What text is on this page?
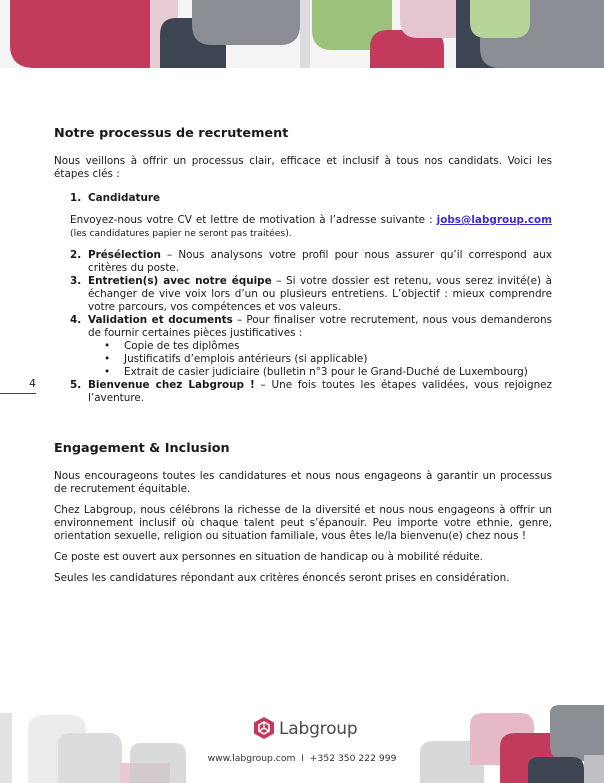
4
Notre processus de recrutement

Nous veillons à offrir un processus clair, efficace et inclusif à tous nos candidats. Voici les étapes clés :

1. Candidature

Envoyez-nous votre CV et lettre de motivation à l’adresse suivante : jobs@labgroup.com (les candidatures papier ne seront pas traitées).

2. Présélection – Nous analysons votre profil pour nous assurer qu’il correspond aux critères du poste.
3. Entretien(s) avec notre équipe – Si votre dossier est retenu, vous serez invité(e) à échanger de vive voix lors d’un ou plusieurs entretiens. L’objectif : mieux comprendre votre parcours, vos compétences et vos valeurs.
4. Validation et documents – Pour finaliser votre recrutement, nous vous demanderons de fournir certaines pièces justificatives :
• Copie de tes diplômes
• Justificatifs d’emplois antérieurs (si applicable)
• Extrait de casier judiciaire (bulletin n°3 pour le Grand-Duché de Luxembourg)
5. Bienvenue chez Labgroup ! – Une fois toutes les étapes validées, vous rejoignez l’aventure.
Engagement & Inclusion

Nous encourageons toutes les candidatures et nous nous engageons à garantir un processus de recrutement équitable.

Chez Labgroup, nous célébrons la richesse de la diversité et nous nous engageons à offrir un environnement inclusif où chaque talent peut s’épanouir. Peu importe votre ethnie, genre, orientation sexuelle, religion ou situation familiale, vous êtes le/la bienvenu(e) chez nous !

Ce poste est ouvert aux personnes en situation de handicap ou à mobilité réduite.

Seules les candidatures répondant aux critères énoncés seront prises en considération.

Labgroup
www.labgroup.com  I  +352 350 222 999
